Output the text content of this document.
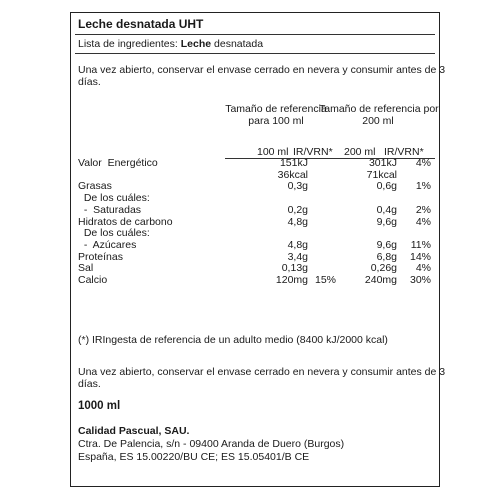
Leche desnatada UHT
Lista de ingredientes: Leche desnatada
Una vez abierto, conservar el envase cerrado en nevera y consumir antes de 3
días.
Tamaño de referencia
para 100 ml
Tamaño de referencia por
200 ml
100 ml IR/VRN* 200 ml IR/VRN*
Valor  Energético	151kJ	301kJ	4%
36kcal	71kcal
Grasas	0,3g	0,6g	1%
De los cuáles:
-  Saturadas	0,2g	0,4g	2%
Hidratos de carbono	4,8g	9,6g	4%
De los cuáles:
-  Azúcares	4,8g	9,6g	11%
Proteínas	3,4g	6,8g	14%
Sal	0,13g	0,26g	4%
Calcio	120mg 15%	240mg	30%
(*) IRIngesta de referencia de un adulto medio (8400 kJ/2000 kcal)
Una vez abierto, conservar el envase cerrado en nevera y consumir antes de 3
días.
1000 ml
Calidad Pascual, SAU.
Ctra. De Palencia, s/n - 09400 Aranda de Duero (Burgos)
España, ES 15.00220/BU CE; ES 15.05401/B CE
